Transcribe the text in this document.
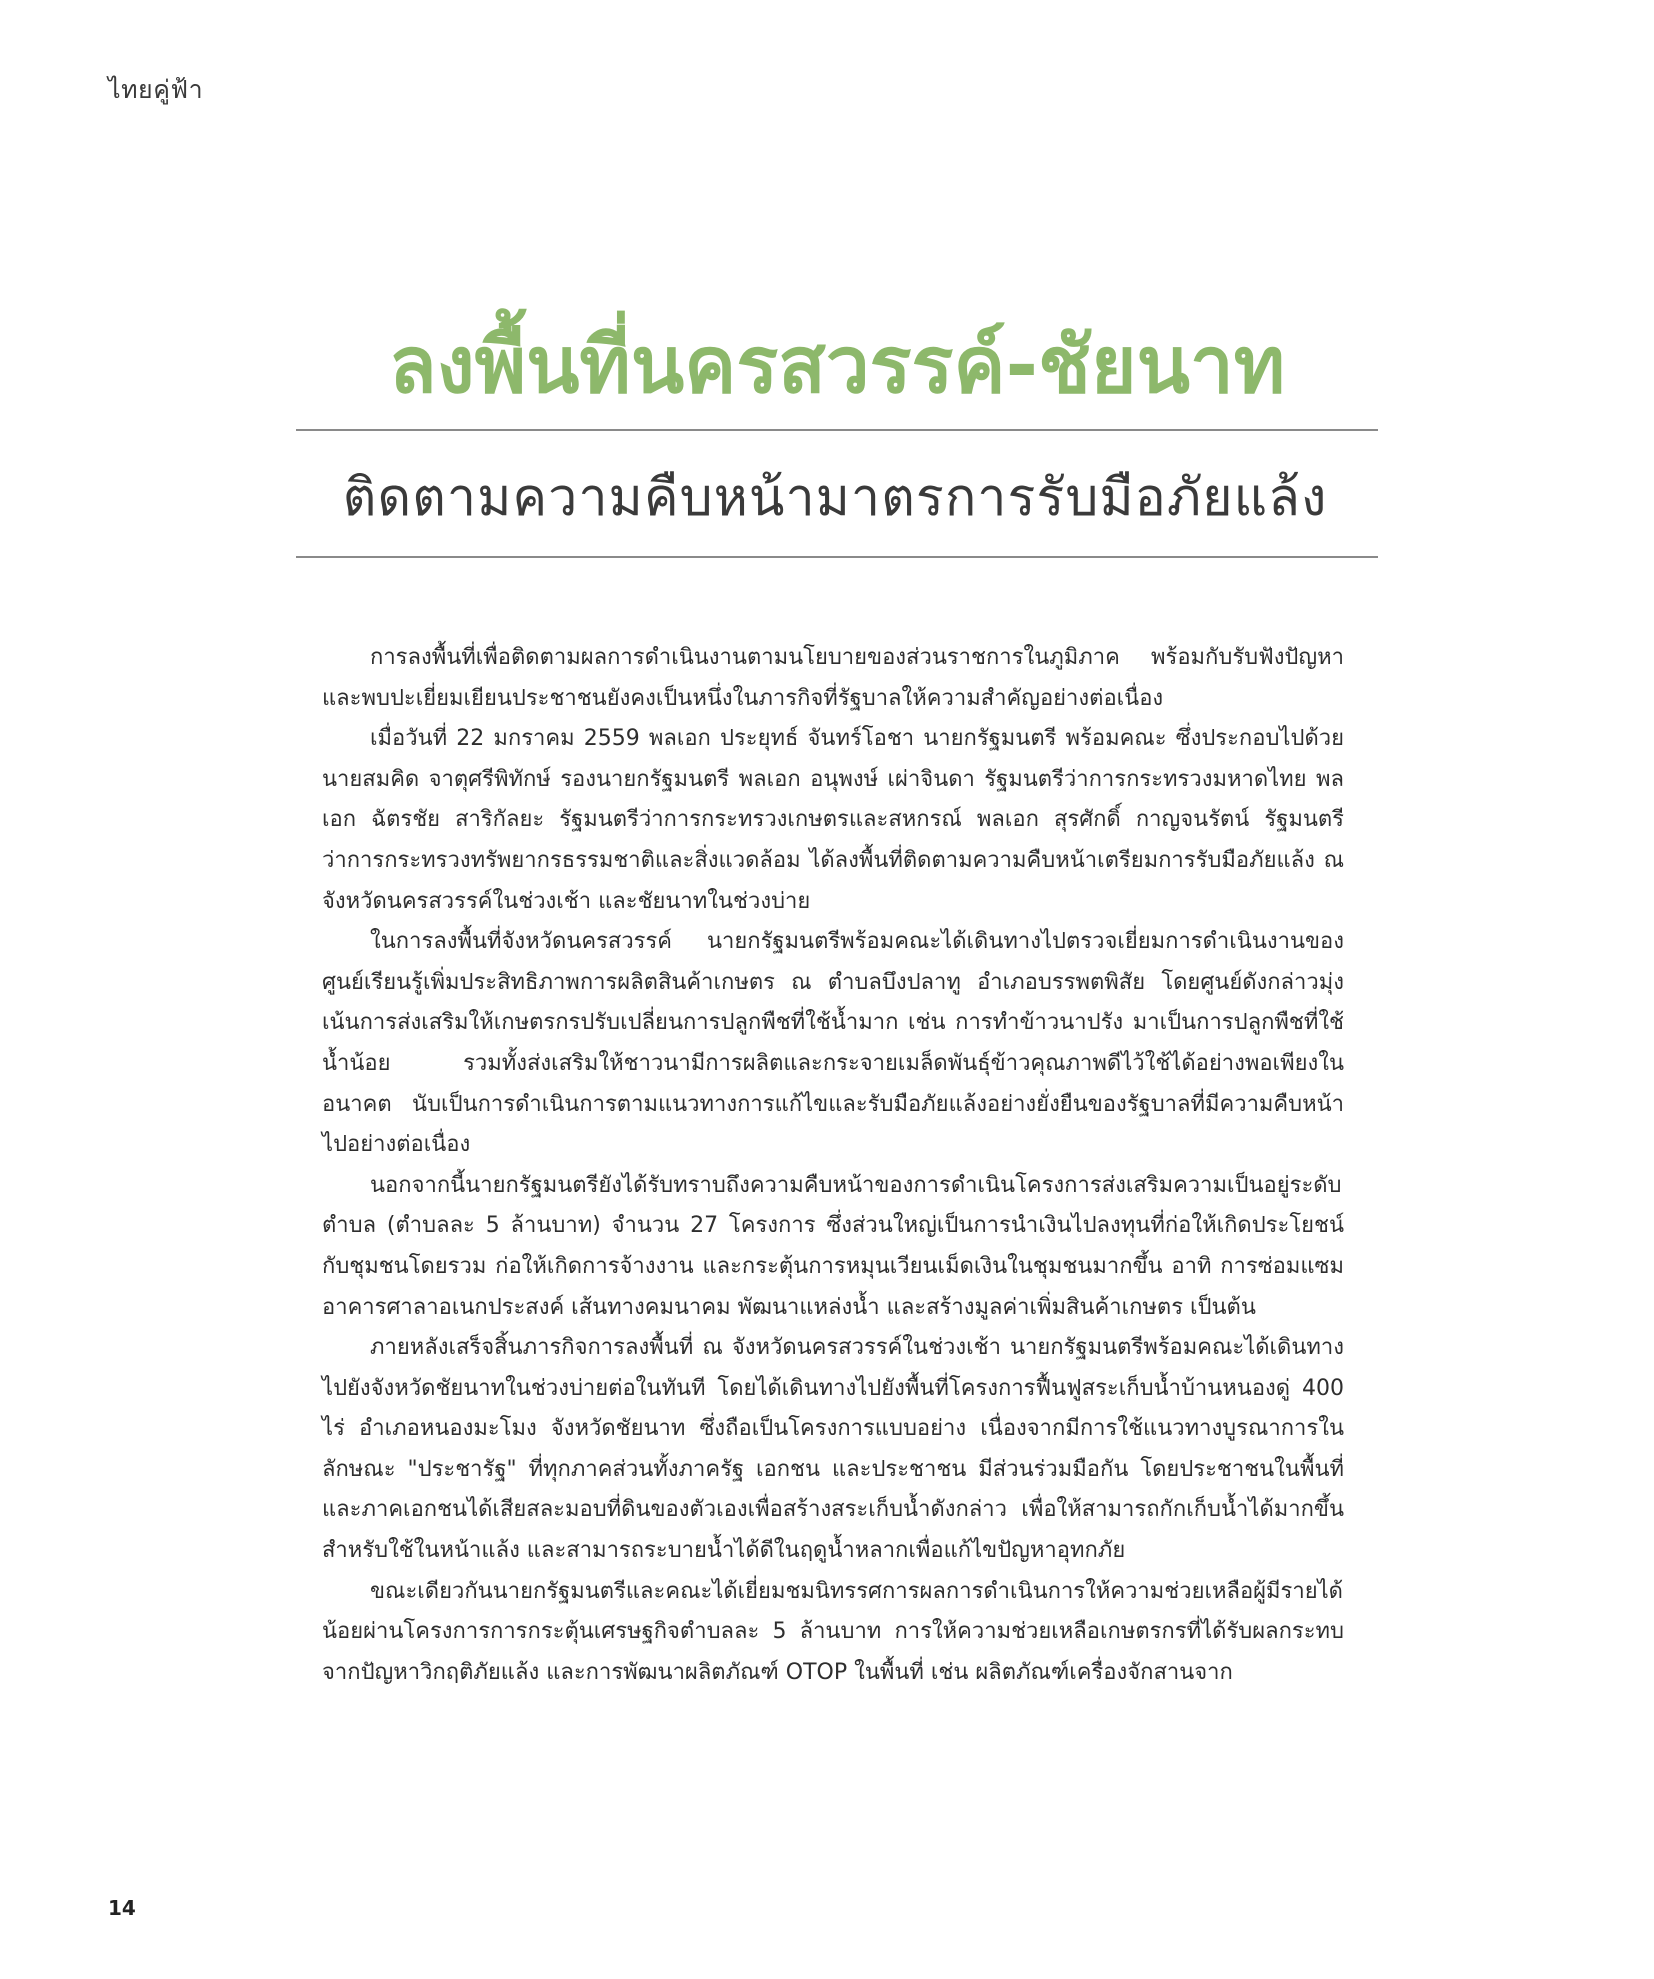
ไทยคู่ฟ้า
ลงพื้นที่นครสวรรค์-ชัยนาท
ติดตามความคืบหน้ามาตรการรับมือภัยแล้ง

การลงพื้นที่เพื่อติดตามผลการดำเนินงานตามนโยบายของส่วนราชการในภูมิภาค พร้อมกับรับฟังปัญหาและพบปะเยี่ยมเยียนประชาชนยังคงเป็นหนึ่งในภารกิจที่รัฐบาลให้ความสำคัญอย่างต่อเนื่อง

เมื่อวันที่ 22 มกราคม 2559 พลเอก ประยุทธ์ จันทร์โอชา นายกรัฐมนตรี พร้อมคณะ ซึ่งประกอบไปด้วย นายสมคิด จาตุศรีพิทักษ์ รองนายกรัฐมนตรี พลเอก อนุพงษ์ เผ่าจินดา รัฐมนตรีว่าการกระทรวงมหาดไทย พลเอก ฉัตรชัย สาริกัลยะ รัฐมนตรีว่าการกระทรวงเกษตรและสหกรณ์ พลเอก สุรศักดิ์ กาญจนรัตน์ รัฐมนตรีว่าการกระทรวงทรัพยากรธรรมชาติและสิ่งแวดล้อม ได้ลงพื้นที่ติดตามความคืบหน้าเตรียมการรับมือภัยแล้ง ณ จังหวัดนครสวรรค์ในช่วงเช้า และชัยนาทในช่วงบ่าย

ในการลงพื้นที่จังหวัดนครสวรรค์ นายกรัฐมนตรีพร้อมคณะได้เดินทางไปตรวจเยี่ยมการดำเนินงานของศูนย์เรียนรู้เพิ่มประสิทธิภาพการผลิตสินค้าเกษตร ณ ตำบลบึงปลาทู อำเภอบรรพตพิสัย โดยศูนย์ดังกล่าวมุ่งเน้นการส่งเสริมให้เกษตรกรปรับเปลี่ยนการปลูกพืชที่ใช้น้ำมาก เช่น การทำข้าวนาปรัง มาเป็นการปลูกพืชที่ใช้น้ำน้อย รวมทั้งส่งเสริมให้ชาวนามีการผลิตและกระจายเมล็ดพันธุ์ข้าวคุณภาพดีไว้ใช้ได้อย่างพอเพียงในอนาคต นับเป็นการดำเนินการตามแนวทางการแก้ไขและรับมือภัยแล้งอย่างยั่งยืนของรัฐบาลที่มีความคืบหน้าไปอย่างต่อเนื่อง

นอกจากนี้นายกรัฐมนตรียังได้รับทราบถึงความคืบหน้าของการดำเนินโครงการส่งเสริมความเป็นอยู่ระดับตำบล (ตำบลละ 5 ล้านบาท) จำนวน 27 โครงการ ซึ่งส่วนใหญ่เป็นการนำเงินไปลงทุนที่ก่อให้เกิดประโยชน์กับชุมชนโดยรวม ก่อให้เกิดการจ้างงาน และกระตุ้นการหมุนเวียนเม็ดเงินในชุมชนมากขึ้น อาทิ การซ่อมแซมอาคารศาลาอเนกประสงค์ เส้นทางคมนาคม พัฒนาแหล่งน้ำ และสร้างมูลค่าเพิ่มสินค้าเกษตร เป็นต้น

ภายหลังเสร็จสิ้นภารกิจการลงพื้นที่ ณ จังหวัดนครสวรรค์ในช่วงเช้า นายกรัฐมนตรีพร้อมคณะได้เดินทางไปยังจังหวัดชัยนาทในช่วงบ่ายต่อในทันที โดยได้เดินทางไปยังพื้นที่โครงการฟื้นฟูสระเก็บน้ำบ้านหนองดู่ 400 ไร่ อำเภอหนองมะโมง จังหวัดชัยนาท ซึ่งถือเป็นโครงการแบบอย่าง เนื่องจากมีการใช้แนวทางบูรณาการในลักษณะ "ประชารัฐ" ที่ทุกภาคส่วนทั้งภาครัฐ เอกชน และประชาชน มีส่วนร่วมมือกัน โดยประชาชนในพื้นที่และภาคเอกชนได้เสียสละมอบที่ดินของตัวเองเพื่อสร้างสระเก็บน้ำดังกล่าว เพื่อให้สามารถกักเก็บน้ำได้มากขึ้นสำหรับใช้ในหน้าแล้ง และสามารถระบายน้ำได้ดีในฤดูน้ำหลากเพื่อแก้ไขปัญหาอุทกภัย

ขณะเดียวกันนายกรัฐมนตรีและคณะได้เยี่ยมชมนิทรรศการผลการดำเนินการให้ความช่วยเหลือผู้มีรายได้น้อยผ่านโครงการการกระตุ้นเศรษฐกิจตำบลละ 5 ล้านบาท การให้ความช่วยเหลือเกษตรกรที่ได้รับผลกระทบจากปัญหาวิกฤติภัยแล้ง และการพัฒนาผลิตภัณฑ์ OTOP ในพื้นที่ เช่น ผลิตภัณฑ์เครื่องจักสานจาก

14
